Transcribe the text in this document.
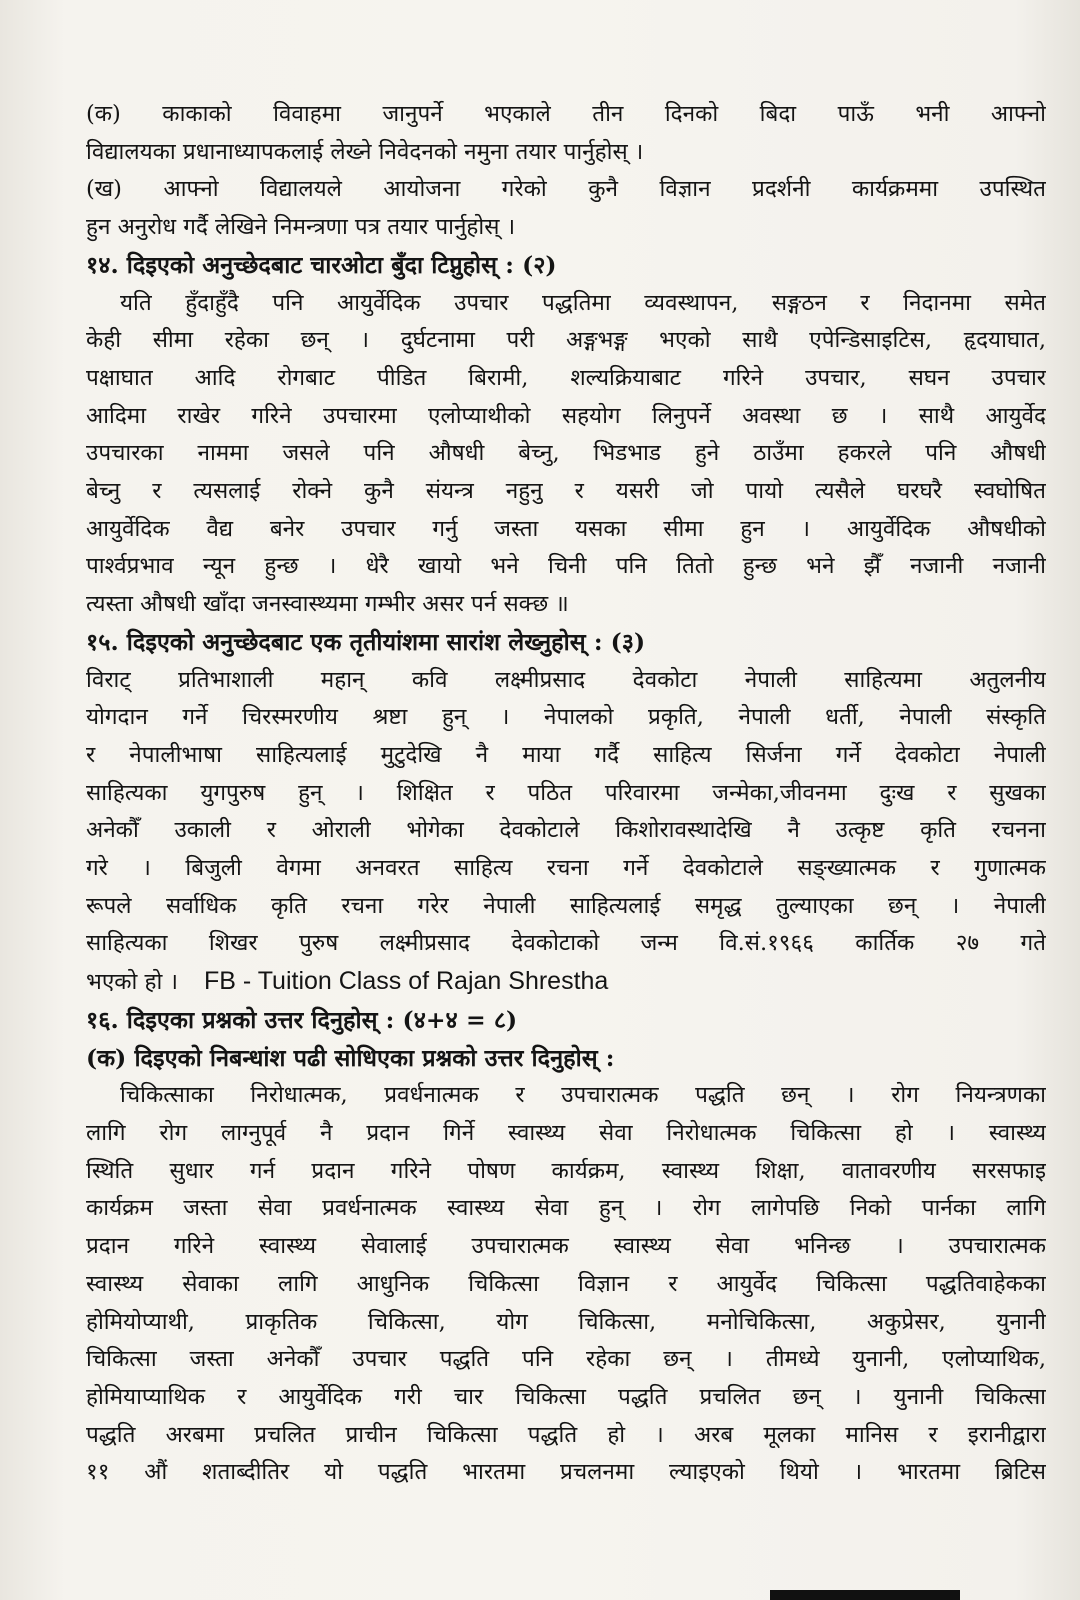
(क) काकाको विवाहमा जानुपर्ने भएकाले तीन दिनको बिदा पाऊँ भनी आफ्नो
विद्यालयका प्रधानाध्यापकलाई लेख्ने निवेदनको नमुना तयार पार्नुहोस् ।
(ख) आफ्नो विद्यालयले आयोजना गरेको कुनै विज्ञान प्रदर्शनी कार्यक्रममा उपस्थित
हुन अनुरोध गर्दै लेखिने निमन्त्रणा पत्र तयार पार्नुहोस् ।
१४. दिइएको अनुच्छेदबाट चारओटा बुँदा टिप्नुहोस् : (२)
यति हुँदाहुँदै पनि आयुर्वेदिक उपचार पद्धतिमा व्यवस्थापन, सङ्गठन र निदानमा समेत
केही सीमा रहेका छन् । दुर्घटनामा परी अङ्गभङ्ग भएको साथै एपेन्डिसाइटिस, हृदयाघात,
पक्षाघात आदि रोगबाट पीडित बिरामी, शल्यक्रियाबाट गरिने उपचार, सघन उपचार
आदिमा राखेर गरिने उपचारमा एलोप्याथीको सहयोग लिनुपर्ने अवस्था छ । साथै आयुर्वेद
उपचारका नाममा जसले पनि औषधी बेच्नु, भिडभाड हुने ठाउँमा हकरले पनि औषधी
बेच्नु र त्यसलाई रोक्ने कुनै संयन्त्र नहुनु र यसरी जो पायो त्यसैले घरघरै स्वघोषित
आयुर्वेदिक वैद्य बनेर उपचार गर्नु जस्ता यसका सीमा हुन । आयुर्वेदिक औषधीको
पार्श्वप्रभाव न्यून हुन्छ । धेरै खायो भने चिनी पनि तितो हुन्छ भने झैँ नजानी नजानी
त्यस्ता औषधी खाँदा जनस्वास्थ्यमा गम्भीर असर पर्न सक्छ ॥
१५. दिइएको अनुच्छेदबाट एक तृतीयांशमा सारांश लेख्नुहोस् : (३)
विराट् प्रतिभाशाली महान् कवि लक्ष्मीप्रसाद देवकोटा नेपाली साहित्यमा अतुलनीय
योगदान गर्ने चिरस्मरणीय श्रष्टा हुन् । नेपालको प्रकृति, नेपाली धर्ती, नेपाली संस्कृति
र नेपालीभाषा साहित्यलाई मुटुदेखि नै माया गर्दै साहित्य सिर्जना गर्ने देवकोटा नेपाली
साहित्यका युगपुरुष हुन् । शिक्षित र पठित परिवारमा जन्मेका,जीवनमा दुःख र सुखका
अनेकौँ उकाली र ओराली भोगेका देवकोटाले किशोरावस्थादेखि नै उत्कृष्ट कृति रचनना
गरे । बिजुली वेगमा अनवरत साहित्य रचना गर्ने देवकोटाले सङ्ख्यात्मक र गुणात्मक
रूपले सर्वाधिक कृति रचना गरेर नेपाली साहित्यलाई समृद्ध तुल्याएका छन् । नेपाली
साहित्यका शिखर पुरुष लक्ष्मीप्रसाद देवकोटाको जन्म वि.सं.१९६६ कार्तिक २७ गते
भएको हो । FB - Tuition Class of Rajan Shrestha
१६. दिइएका प्रश्नको उत्तर दिनुहोस् : (४+४ = ८)
(क) दिइएको निबन्धांश पढी सोधिएका प्रश्नको उत्तर दिनुहोस् :
चिकित्साका निरोधात्मक, प्रवर्धनात्मक र उपचारात्मक पद्धति छन् । रोग नियन्त्रणका
लागि रोग लाग्नुपूर्व नै प्रदान गिर्ने स्वास्थ्य सेवा निरोधात्मक चिकित्सा हो । स्वास्थ्य
स्थिति सुधार गर्न प्रदान गरिने पोषण कार्यक्रम, स्वास्थ्य शिक्षा, वातावरणीय सरसफाइ
कार्यक्रम जस्ता सेवा प्रवर्धनात्मक स्वास्थ्य सेवा हुन् । रोग लागेपछि निको पार्नका लागि
प्रदान गरिने स्वास्थ्य सेवालाई उपचारात्मक स्वास्थ्य सेवा भनिन्छ । उपचारात्मक
स्वास्थ्य सेवाका लागि आधुनिक चिकित्सा विज्ञान र आयुर्वेद चिकित्सा पद्धतिवाहेकका
होमियोप्याथी, प्राकृतिक चिकित्सा, योग चिकित्सा, मनोचिकित्सा, अकुप्रेसर, युनानी
चिकित्सा जस्ता अनेकौँ उपचार पद्धति पनि रहेका छन् । तीमध्ये युनानी, एलोप्याथिक,
होमियाप्याथिक र आयुर्वेदिक गरी चार चिकित्सा पद्धति प्रचलित छन् । युनानी चिकित्सा
पद्धति अरबमा प्रचलित प्राचीन चिकित्सा पद्धति हो । अरब मूलका मानिस र इरानीद्वारा
११ औं शताब्दीतिर यो पद्धति भारतमा प्रचलनमा ल्याइएको थियो । भारतमा ब्रिटिस
